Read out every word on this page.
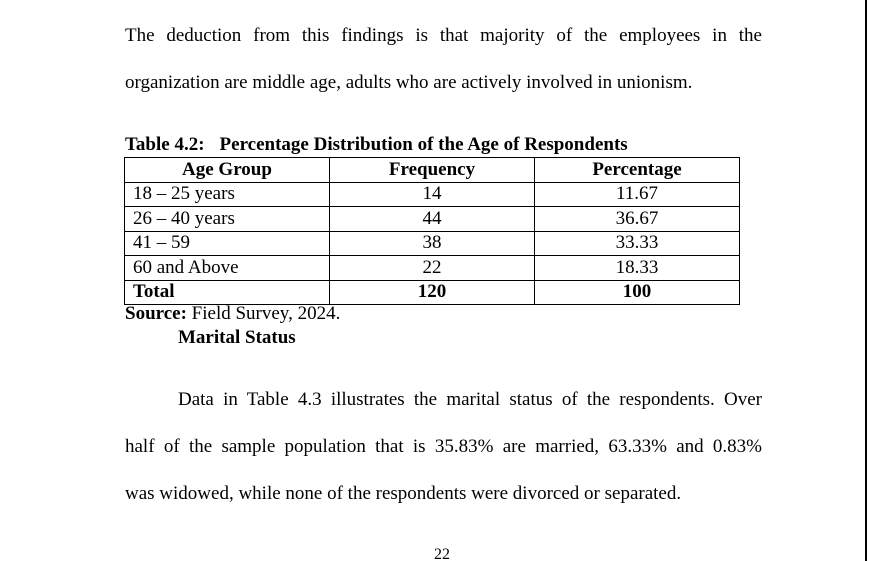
The deduction from this findings is that majority of the employees in the
organization are middle age, adults who are actively involved in unionism.
Table 4.2: Percentage Distribution of the Age of Respondents
Age Group	Frequency	Percentage
18 – 25 years	14	11.67
26 – 40 years	44	36.67
41 – 59	38	33.33
60 and Above	22	18.33
Total	120	100
Source: Field Survey, 2024.
Marital Status
Data in Table 4.3 illustrates the marital status of the respondents. Over
half of the sample population that is 35.83% are married, 63.33% and 0.83%
was widowed, while none of the respondents were divorced or separated.
22
